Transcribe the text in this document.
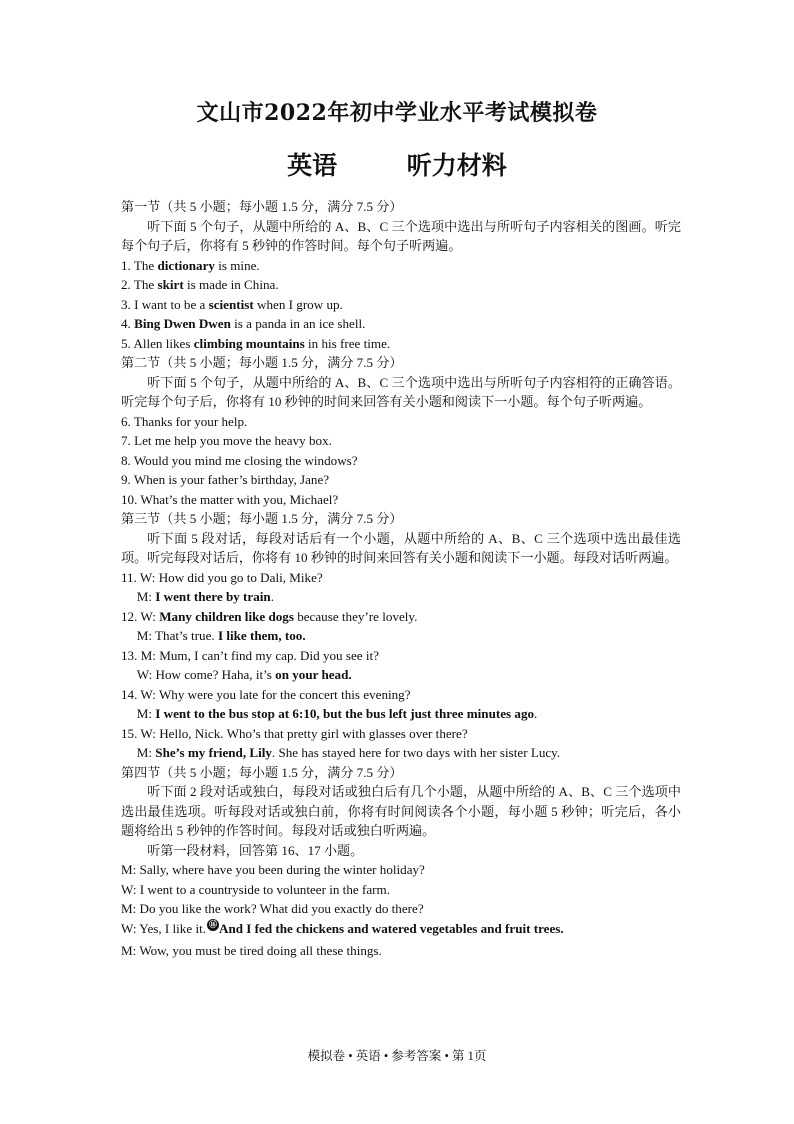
文山市2022年初中学业水平考试模拟卷
英语        听力材料
第一节（共 5 小题；每小题 1.5 分，满分 7.5 分）
听下面 5 个句子，从题中所给的 A、B、C 三个选项中选出与所听句子内容相关的图画。听完每个句子后，你将有 5 秒钟的作答时间。每个句子听两遍。
1. The dictionary is mine.
2. The skirt is made in China.
3. I want to be a scientist when I grow up.
4. Bing Dwen Dwen is a panda in an ice shell.
5. Allen likes climbing mountains in his free time.
第二节（共 5 小题；每小题 1.5 分，满分 7.5 分）
听下面 5 个句子，从题中所给的 A、B、C 三个选项中选出与所听句子内容相符的正确答语。听完每个句子后，你将有 10 秒钟的时间来回答有关小题和阅读下一小题。每个句子听两遍。
6. Thanks for your help.
7. Let me help you move the heavy box.
8. Would you mind me closing the windows?
9. When is your father’s birthday, Jane?
10. What’s the matter with you, Michael?
第三节（共 5 小题；每小题 1.5 分，满分 7.5 分）
听下面 5 段对话，每段对话后有一个小题，从题中所给的 A、B、C 三个选项中选出最佳选项。听完每段对话后，你将有 10 秒钟的时间来回答有关小题和阅读下一小题。每段对话听两遍。
11. W: How did you go to Dali, Mike?
M: I went there by train.
12. W: Many children like dogs because they’re lovely.
M: That’s true. I like them, too.
13. M: Mum, I can’t find my cap. Did you see it?
W: How come? Haha, it’s on your head.
14. W: Why were you late for the concert this evening?
M: I went to the bus stop at 6:10, but the bus left just three minutes ago.
15. W: Hello, Nick. Who’s that pretty girl with glasses over there?
M: She’s my friend, Lily. She has stayed here for two days with her sister Lucy.
第四节（共 5 小题；每小题 1.5 分，满分 7.5 分）
听下面 2 段对话或独白，每段对话或独白后有几个小题，从题中所给的 A、B、C 三个选项中选出最佳选项。听每段对话或独白前，你将有时间阅读各个小题，每小题 5 秒钟；听完后，各小题将给出 5 秒钟的作答时间。每段对话或独白听两遍。
听第一段材料，回答第 16、17 小题。
M: Sally, where have you been during the winter holiday?
W: I went to a countryside to volunteer in the farm.
M: Do you like the work? What did you exactly do there?
W: Yes, I like it. ⑯ And I fed the chickens and watered vegetables and fruit trees.
M: Wow, you must be tired doing all these things.
模拟卷 • 英语 • 参考答案 • 第 1页
